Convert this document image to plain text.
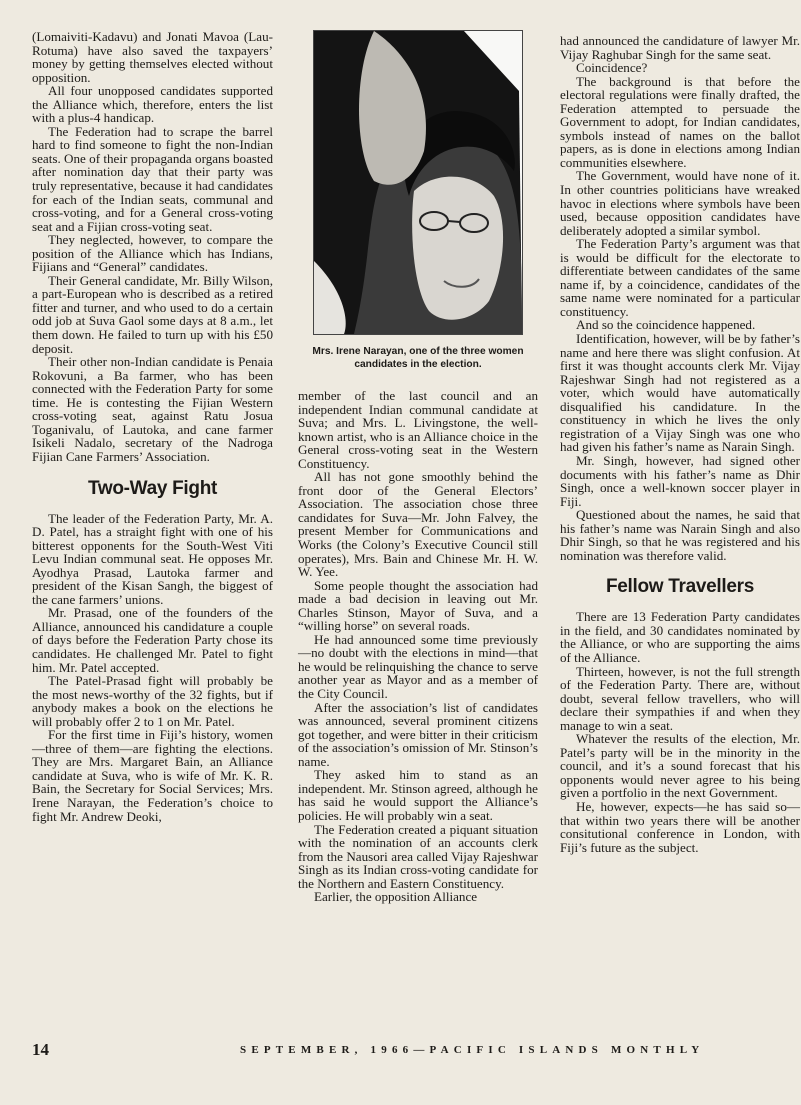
(Lomaiviti-Kadavu) and Jonati Mavoa (Lau-Rotuma) have also saved the taxpayers’ money by getting themselves elected without opposition.

All four unopposed candidates supported the Alliance which, therefore, enters the list with a plus-4 handicap.

The Federation had to scrape the barrel hard to find someone to fight the non-Indian seats. One of their propaganda organs boasted after nomination day that their party was truly representative, because it had candidates for each of the Indian seats, communal and cross-voting, and for a General cross-voting seat and a Fijian cross-voting seat.

They neglected, however, to compare the position of the Alliance which has Indians, Fijians and “General” candidates.

Their General candidate, Mr. Billy Wilson, a part-European who is described as a retired fitter and turner, and who used to do a certain odd job at Suva Gaol some days at 8 a.m., let them down. He failed to turn up with his £50 deposit.

Their other non-Indian candidate is Penaia Rokovuni, a Ba farmer, who has been connected with the Federation Party for some time. He is contesting the Fijian Western cross-voting seat, against Ratu Josua Toganivalu, of Lautoka, and cane farmer Isikeli Nadalo, secretary of the Nadroga Fijian Cane Farmers’ Association.

Two-Way Fight

The leader of the Federation Party, Mr. A. D. Patel, has a straight fight with one of his bitterest opponents for the South-West Viti Levu Indian communal seat. He opposes Mr. Ayodhya Prasad, Lautoka farmer and president of the Kisan Sangh, the biggest of the cane farmers’ unions.

Mr. Prasad, one of the founders of the Alliance, announced his candidature a couple of days before the Federation Party chose its candidates. He challenged Mr. Patel to fight him. Mr. Patel accepted.

The Patel-Prasad fight will probably be the most news-worthy of the 32 fights, but if anybody makes a book on the elections he will probably offer 2 to 1 on Mr. Patel.

For the first time in Fiji’s history, women—three of them—are fighting the elections. They are Mrs. Margaret Bain, an Alliance candidate at Suva, who is wife of Mr. K. R. Bain, the Secretary for Social Services; Mrs. Irene Narayan, the Federation’s choice to fight Mr. Andrew Deoki,

Mrs. Irene Narayan, one of the three women candidates in the election.

member of the last council and an independent Indian communal candidate at Suva; and Mrs. L. Livingstone, the well-known artist, who is an Alliance choice in the General cross-voting seat in the Western Constituency.

All has not gone smoothly behind the front door of the General Electors’ Association. The association chose three candidates for Suva—Mr. John Falvey, the present Member for Communications and Works (the Colony’s Executive Council still operates), Mrs. Bain and Chinese Mr. H. W. W. Yee.

Some people thought the association had made a bad decision in leaving out Mr. Charles Stinson, Mayor of Suva, and a “willing horse” on several roads.

He had announced some time previously—no doubt with the elections in mind—that he would be relinquishing the chance to serve another year as Mayor and as a member of the City Council.

After the association’s list of candidates was announced, several prominent citizens got together, and were bitter in their criticism of the association’s omission of Mr. Stinson’s name.

They asked him to stand as an independent. Mr. Stinson agreed, although he has said he would support the Alliance’s policies. He will probably win a seat.

The Federation created a piquant situation with the nomination of an accounts clerk from the Nausori area called Vijay Rajeshwar Singh as its Indian cross-voting candidate for the Northern and Eastern Constituency.

Earlier, the opposition Alliance

had announced the candidature of lawyer Mr. Vijay Raghubar Singh for the same seat.

Coincidence?

The background is that before the electoral regulations were finally drafted, the Federation attempted to persuade the Government to adopt, for Indian candidates, symbols instead of names on the ballot papers, as is done in elections among Indian communities elsewhere.

The Government, would have none of it. In other countries politicians have wreaked havoc in elections where symbols have been used, because opposition candidates have deliberately adopted a similar symbol.

The Federation Party’s argument was that is would be difficult for the electorate to differentiate between candidates of the same name if, by a coincidence, candidates of the same name were nominated for a particular constituency.

And so the coincidence happened.

Identification, however, will be by father’s name and here there was slight confusion. At first it was thought accounts clerk Mr. Vijay Rajeshwar Singh had not registered as a voter, which would have automatically disqualified his candidature. In the constituency in which he lives the only registration of a Vijay Singh was one who had given his father’s name as Narain Singh.

Mr. Singh, however, had signed other documents with his father’s name as Dhir Singh, once a well-known soccer player in Fiji.

Questioned about the names, he said that his father’s name was Narain Singh and also Dhir Singh, so that he was registered and his nomination was therefore valid.

Fellow Travellers

There are 13 Federation Party candidates in the field, and 30 candidates nominated by the Alliance, or who are supporting the aims of the Alliance.

Thirteen, however, is not the full strength of the Federation Party. There are, without doubt, several fellow travellers, who will declare their sympathies if and when they manage to win a seat.

Whatever the results of the election, Mr. Patel’s party will be in the minority in the council, and it’s a sound forecast that his opponents would never agree to his being given a portfolio in the next Government.

He, however, expects—he has said so—that within two years there will be another consitutional conference in London, with Fiji’s future as the subject.

14	SEPTEMBER, 1966—PACIFIC ISLANDS MONTHLY
